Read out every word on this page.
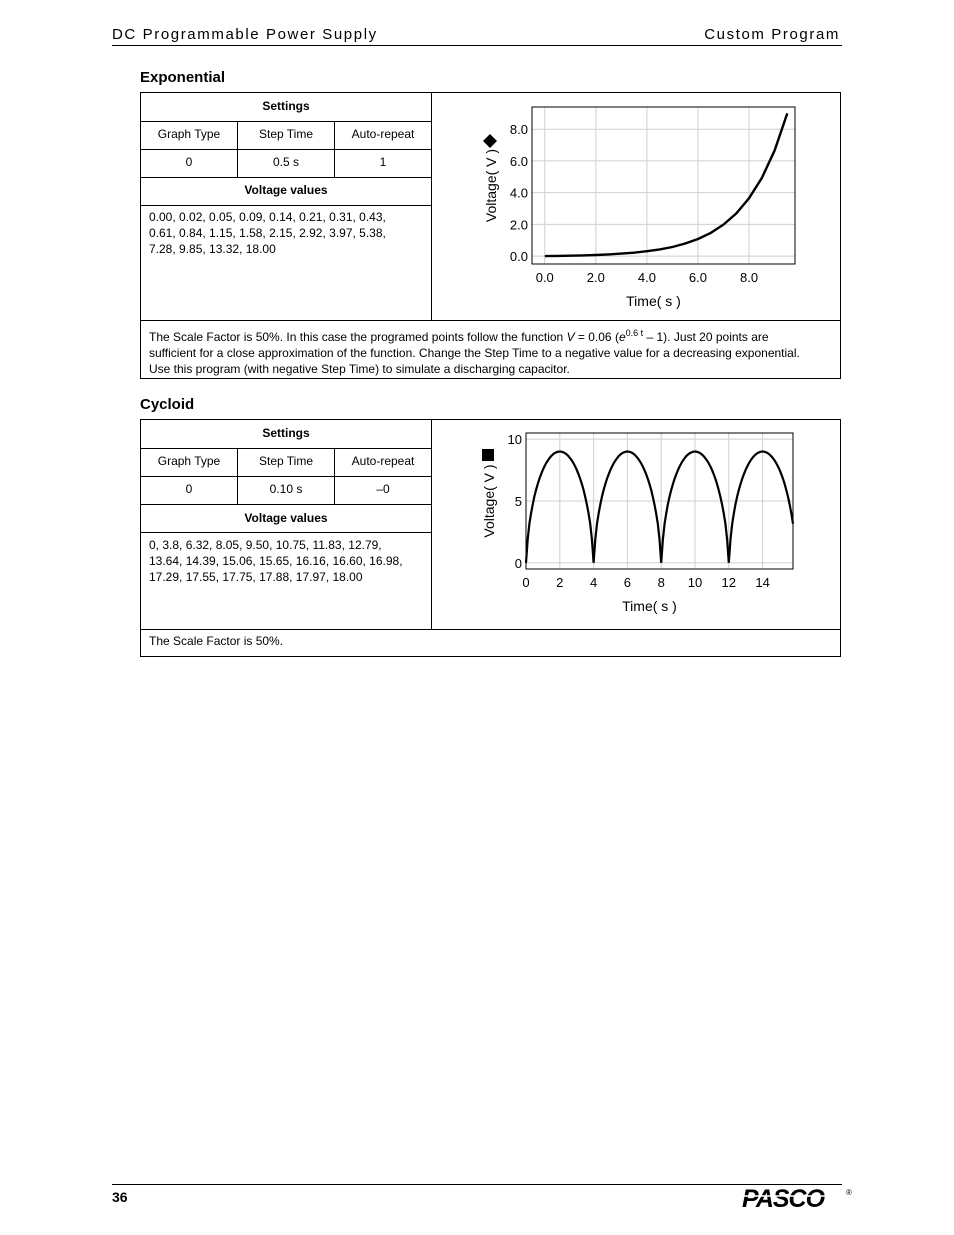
DC Programmable Power Supply	Custom Program
Exponential
Settings
Graph Type	Step Time	Auto-repeat
0	0.5 s	1
Voltage values
0.00, 0.02, 0.05, 0.09, 0.14, 0.21, 0.31, 0.43,
0.61, 0.84, 1.15, 1.58, 2.15, 2.92, 3.97, 5.38,
7.28, 9.85, 13.32, 18.00
0.0	2.0	4.0	6.0	8.0
0.0
2.0
4.0
6.0
8.0
Time( s )
Voltage( V )
The Scale Factor is 50%. In this case the programed points follow the function V = 0.06 $(e^{0.6 t} - 1)$. Just 20 points are
sufficient for a close approximation of the function. Change the Step Time to a negative value for a decreasing exponential.
Use this program (with negative Step Time) to simulate a discharging capacitor.
Cycloid
Settings
Graph Type	Step Time	Auto-repeat
0	0.10 s	–0
Voltage values
0, 3.8, 6.32, 8.05, 9.50, 10.75, 11.83, 12.79,
13.64, 14.39, 15.06, 15.65, 16.16, 16.60, 16.98,
17.29, 17.55, 17.75, 17.88, 17.97, 18.00	0 2 4 6 8 10 12 14
0
5
10
Time( s )
Voltage( V )
The Scale Factor is 50%.
36	PASCO	®
